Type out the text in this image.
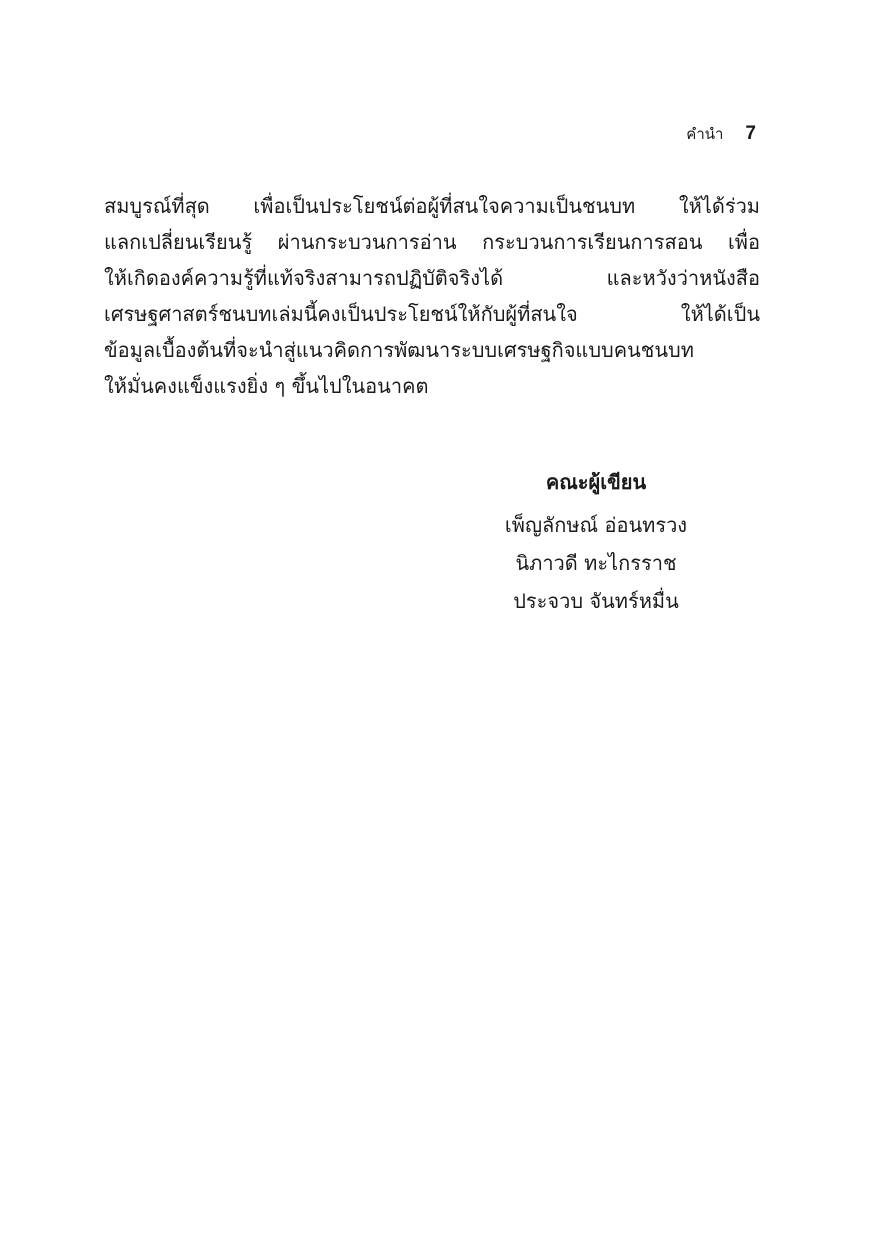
คำนำ 7
สมบูรณ์ที่สุด เพื่อเป็นประโยชน์ต่อผู้ที่สนใจความเป็นชนบท ให้ได้ร่วม
แลกเปลี่ยนเรียนรู้ ผ่านกระบวนการอ่าน กระบวนการเรียนการสอน เพื่อ
ให้เกิดองค์ความรู้ที่แท้จริงสามารถปฏิบัติจริงได้	และหวังว่าหนังสือ
เศรษฐศาสตร์ชนบทเล่มนี้คงเป็นประโยชน์ให้กับผู้ที่สนใจ	ให้ได้เป็น
ข้อมูลเบื้องต้นที่จะนำสู่แนวคิดการพัฒนาระบบเศรษฐกิจแบบคนชนบท
ให้มั่นคงแข็งแรงยิ่ง ๆ ขึ้นไปในอนาคต
คณะผู้เขียน
เพ็ญลักษณ์ อ่อนทรวง
นิภาวดี ทะไกรราช
ประจวบ จันทร์หมื่น
